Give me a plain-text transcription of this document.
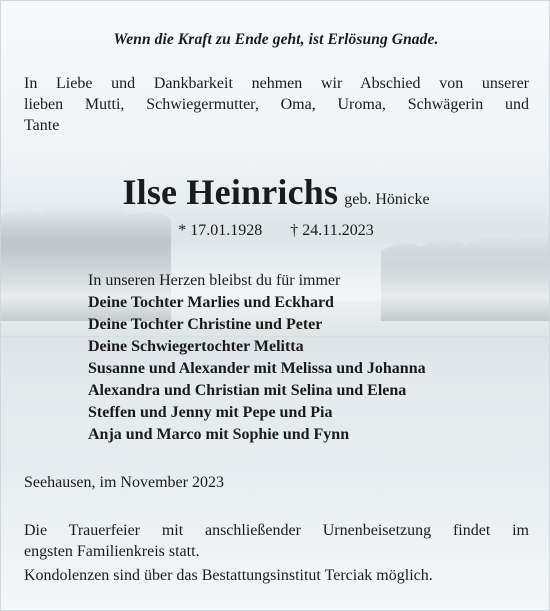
Wenn die Kraft zu Ende geht, ist Erlösung Gnade.
In Liebe und Dankbarkeit nehmen wir Abschied von unserer
lieben Mutti, Schwiegermutter, Oma, Uroma, Schwägerin und
Tante
Ilse Heinrichs geb. Hönicke
* 17.01.1928 † 24.11.2023
In unseren Herzen bleibst du für immer
Deine Tochter Marlies und Eckhard
Deine Tochter Christine und Peter
Deine Schwiegertochter Melitta
Susanne und Alexander mit Melissa und Johanna
Alexandra und Christian mit Selina und Elena
Steffen und Jenny mit Pepe und Pia
Anja und Marco mit Sophie und Fynn
Seehausen, im November 2023
Die Trauerfeier mit anschließender Urnenbeisetzung findet im
engsten Familienkreis statt.
Kondolenzen sind über das Bestattungsinstitut Terciak möglich.
